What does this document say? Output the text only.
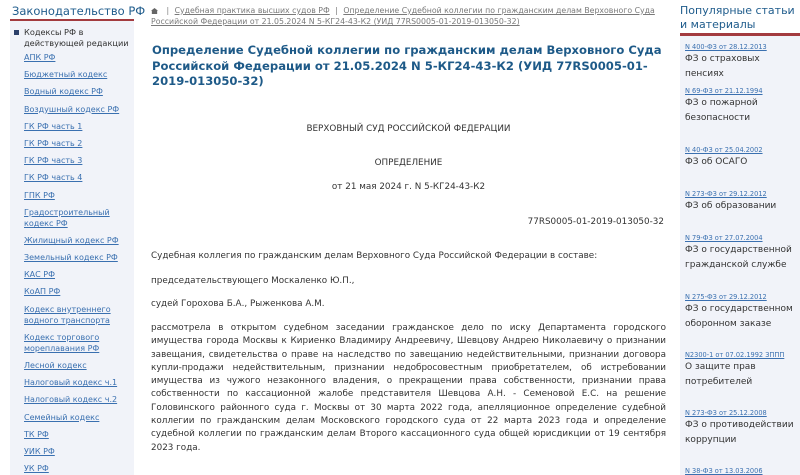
Законодательство РФ
Кодексы РФ в действующей редакции
АПК РФ
Бюджетный кодекс
Водный кодекс РФ
Воздушный кодекс РФ
ГК РФ часть 1
ГК РФ часть 2
ГК РФ часть 3
ГК РФ часть 4
ГПК РФ
Градостроительный кодекс РФ
Жилищный кодекс РФ
Земельный кодекс РФ
КАС РФ
КоАП РФ
Кодекс внутреннего водного транспорта
Кодекс торгового мореплавания РФ
Лесной кодекс
Налоговый кодекс ч.1
Налоговый кодекс ч.2
Семейный кодекс
ТК РФ
УИК РФ
УК РФ
| Судебная практика высших судов РФ | Определение Судебной коллегии по гражданским делам Верховного Суда Российской Федерации от 21.05.2024 N 5-КГ24-43-К2 (УИД 77RS0005-01-2019-013050-32)
Определение Судебной коллегии по гражданским делам Верховного Суда Российской Федерации от 21.05.2024 N 5-КГ24-43-К2 (УИД 77RS0005-01-2019-013050-32)
ВЕРХОВНЫЙ СУД РОССИЙСКОЙ ФЕДЕРАЦИИ
ОПРЕДЕЛЕНИЕ
от 21 мая 2024 г. N 5-КГ24-43-К2
77RS0005-01-2019-013050-32

Судебная коллегия по гражданским делам Верховного Суда Российской Федерации в составе:

председательствующего Москаленко Ю.П.,

судей Горохова Б.А., Рыженкова А.М.

рассмотрела в открытом судебном заседании гражданское дело по иску Департамента городского имущества города Москвы к Кириенко Владимиру Андреевичу, Шевцову Андрею Николаевичу о признании завещания, свидетельства о праве на наследство по завещанию недействительными, признании договора купли-продажи недействительным, признании недобросовестным приобретателем, об истребовании имущества из чужого незаконного владения, о прекращении права собственности, признании права собственности по кассационной жалобе представителя Шевцова А.Н. - Семеновой Е.С. на решение Головинского районного суда г. Москвы от 30 марта 2022 года, апелляционное определение судебной коллегии по гражданским делам Московского городского суда от 22 марта 2023 года и определение судебной коллегии по гражданским делам Второго кассационного суда общей юрисдикции от 19 сентября 2023 года.

Популярные статьи и материалы
N 400-ФЗ от 28.12.2013
ФЗ о страховых пенсиях
N 69-ФЗ от 21.12.1994
ФЗ о пожарной безопасности
N 40-ФЗ от 25.04.2002
ФЗ об ОСАГО
N 273-ФЗ от 29.12.2012
ФЗ об образовании
N 79-ФЗ от 27.07.2004
ФЗ о государственной гражданской службе
N 275-ФЗ от 29.12.2012
ФЗ о государственном оборонном заказе
N2300-1 от 07.02.1992 ЗППП
О защите прав потребителей
N 273-ФЗ от 25.12.2008
ФЗ о противодействии коррупции
N 38-ФЗ от 13.03.2006
